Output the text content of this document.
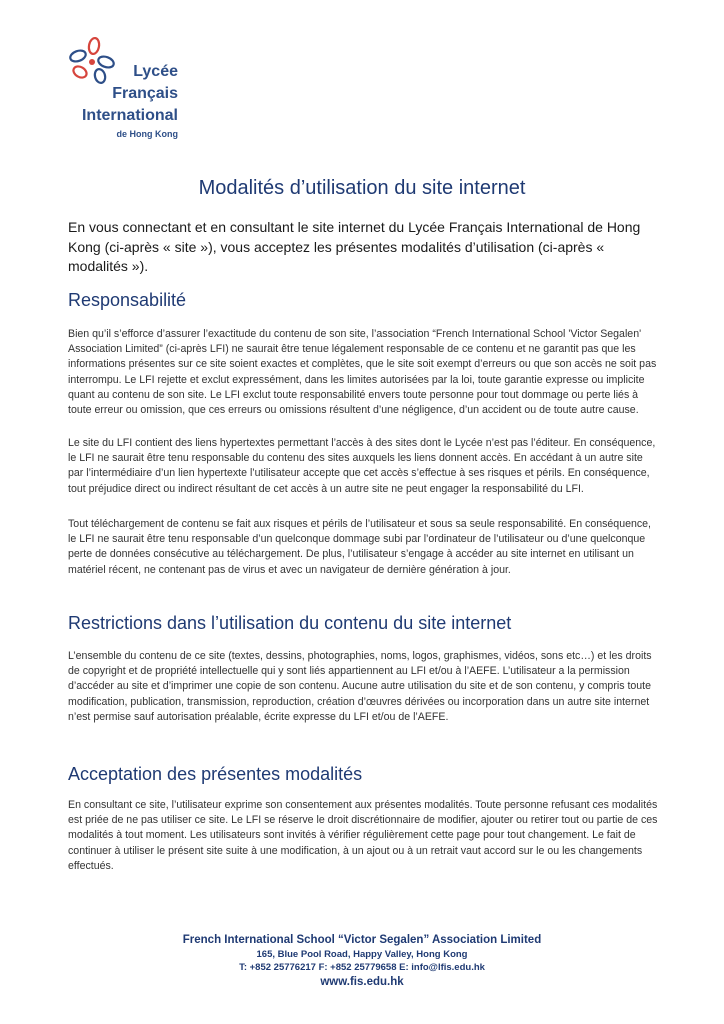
Lycée
Français
International
de Hong Kong
Modalités d’utilisation du site internet
En vous connectant et en consultant le site internet du Lycée Français International de Hong Kong (ci-après « site »), vous acceptez les présentes modalités d’utilisation (ci-après « modalités »).
Responsabilité
Bien qu’il s’efforce d’assurer l’exactitude du contenu de son site, l’association “French International School 'Victor Segalen' Association Limited” (ci-après LFI) ne saurait être tenue légalement responsable de ce contenu et ne garantit pas que les informations présentes sur ce site soient exactes et complètes, que le site soit exempt d’erreurs ou que son accès ne soit pas interrompu. Le LFI rejette et exclut expressément, dans les limites autorisées par la loi, toute garantie expresse ou implicite quant au contenu de son site. Le LFI exclut toute responsabilité envers toute personne pour tout dommage ou perte liés à toute erreur ou omission, que ces erreurs ou omissions résultent d’une négligence, d’un accident ou de toute autre cause.
Le site du LFI contient des liens hypertextes permettant l’accès à des sites dont le Lycée n’est pas l’éditeur. En conséquence, le LFI ne saurait être tenu responsable du contenu des sites auxquels les liens donnent accès. En accédant à un autre site par l’intermédiaire d’un lien hypertexte l’utilisateur accepte que cet accès s’effectue à ses risques et périls. En conséquence, tout préjudice direct ou indirect résultant de cet accès à un autre site ne peut engager la responsabilité du LFI.
Tout téléchargement de contenu se fait aux risques et périls de l’utilisateur et sous sa seule responsabilité. En conséquence, le LFI ne saurait être tenu responsable d’un quelconque dommage subi par l’ordinateur de l’utilisateur ou d’une quelconque perte de données consécutive au téléchargement. De plus, l’utilisateur s’engage à accéder au site internet en utilisant un matériel récent, ne contenant pas de virus et avec un navigateur de dernière génération à jour.
Restrictions dans l’utilisation du contenu du site internet
L’ensemble du contenu de ce site (textes, dessins, photographies, noms, logos, graphismes, vidéos, sons etc…) et les droits de copyright et de propriété intellectuelle qui y sont liés appartiennent au LFI et/ou à l’AEFE. L’utilisateur a la permission d’accéder au site et d’imprimer une copie de son contenu. Aucune autre utilisation du site et de son contenu, y compris toute modification, publication, transmission, reproduction, création d’œuvres dérivées ou incorporation dans un autre site internet n’est permise sauf autorisation préalable, écrite expresse du LFI et/ou de l’AEFE.
Acceptation des présentes modalités
En consultant ce site, l’utilisateur exprime son consentement aux présentes modalités. Toute personne refusant ces modalités est priée de ne pas utiliser ce site. Le LFI se réserve le droit discrétionnaire de modifier, ajouter ou retirer tout ou partie de ces modalités à tout moment. Les utilisateurs sont invités à vérifier régulièrement cette page pour tout changement. Le fait de continuer à utiliser le présent site suite à une modification, à un ajout ou à un retrait vaut accord sur le ou les changements effectués.
French International School “Victor Segalen” Association Limited
165, Blue Pool Road, Happy Valley, Hong Kong
T: +852 25776217 F: +852 25779658 E: info@lfis.edu.hk
www.fis.edu.hk
